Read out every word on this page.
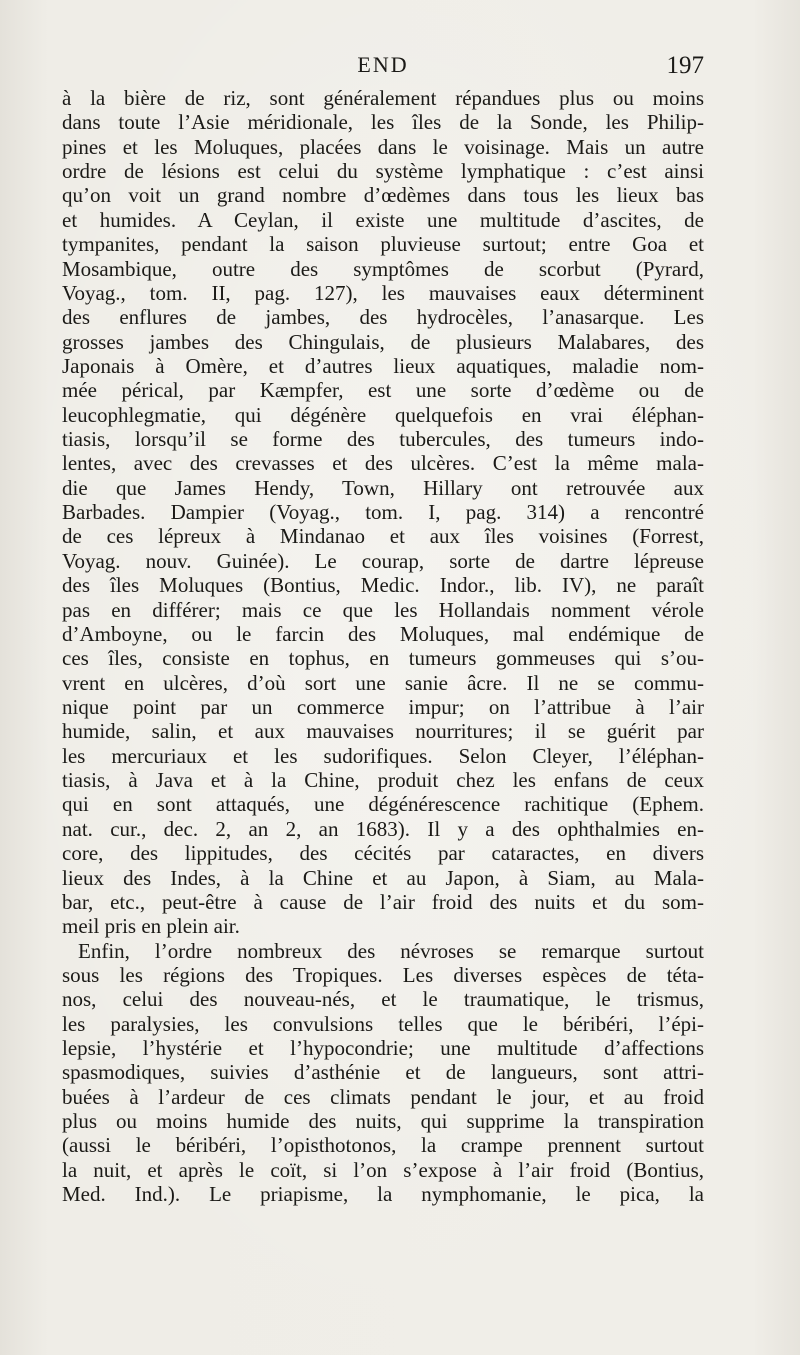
END	197
à la bière de riz, sont généralement répandues plus ou moins
dans toute l’Asie méridionale, les îles de la Sonde, les Philip-
pines et les Moluques, placées dans le voisinage. Mais un autre
ordre de lésions est celui du système lymphatique : c’est ainsi
qu’on voit un grand nombre d’œdèmes dans tous les lieux bas
et humides. A Ceylan, il existe une multitude d’ascites, de
tympanites, pendant la saison pluvieuse surtout; entre Goa et
Mosambique, outre des symptômes de scorbut (Pyrard,
Voyag., tom. II, pag. 127), les mauvaises eaux déterminent
des enflures de jambes, des hydrocèles, l’anasarque. Les
grosses jambes des Chingulais, de plusieurs Malabares, des
Japonais à Omère, et d’autres lieux aquatiques, maladie nom-
mée pérical, par Kæmpfer, est une sorte d’œdème ou de
leucophlegmatie, qui dégénère quelquefois en vrai éléphan-
tiasis, lorsqu’il se forme des tubercules, des tumeurs indo-
lentes, avec des crevasses et des ulcères. C’est la même mala-
die que James Hendy, Town, Hillary ont retrouvée aux
Barbades. Dampier (Voyag., tom. I, pag. 314) a rencontré
de ces lépreux à Mindanao et aux îles voisines (Forrest,
Voyag. nouv. Guinée). Le courap, sorte de dartre lépreuse
des îles Moluques (Bontius, Medic. Indor., lib. IV), ne paraît
pas en différer; mais ce que les Hollandais nomment vérole
d’Amboyne, ou le farcin des Moluques, mal endémique de
ces îles, consiste en tophus, en tumeurs gommeuses qui s’ou-
vrent en ulcères, d’où sort une sanie âcre. Il ne se commu-
nique point par un commerce impur; on l’attribue à l’air
humide, salin, et aux mauvaises nourritures; il se guérit par
les mercuriaux et les sudorifiques. Selon Cleyer, l’éléphan-
tiasis, à Java et à la Chine, produit chez les enfans de ceux
qui en sont attaqués, une dégénérescence rachitique (Ephem.
nat. cur., dec. 2, an 2, an 1683). Il y a des ophthalmies en-
core, des lippitudes, des cécités par cataractes, en divers
lieux des Indes, à la Chine et au Japon, à Siam, au Mala-
bar, etc., peut-être à cause de l’air froid des nuits et du som-
meil pris en plein air.
Enfin, l’ordre nombreux des névroses se remarque surtout
sous les régions des Tropiques. Les diverses espèces de téta-
nos, celui des nouveau-nés, et le traumatique, le trismus,
les paralysies, les convulsions telles que le béribéri, l’épi-
lepsie, l’hystérie et l’hypocondrie; une multitude d’affections
spasmodiques, suivies d’asthénie et de langueurs, sont attri-
buées à l’ardeur de ces climats pendant le jour, et au froid
plus ou moins humide des nuits, qui supprime la transpiration
(aussi le béribéri, l’opisthotonos, la crampe prennent surtout
la nuit, et après le coït, si l’on s’expose à l’air froid (Bontius,
Med. Ind.). Le priapisme, la nymphomanie, le pica, la
